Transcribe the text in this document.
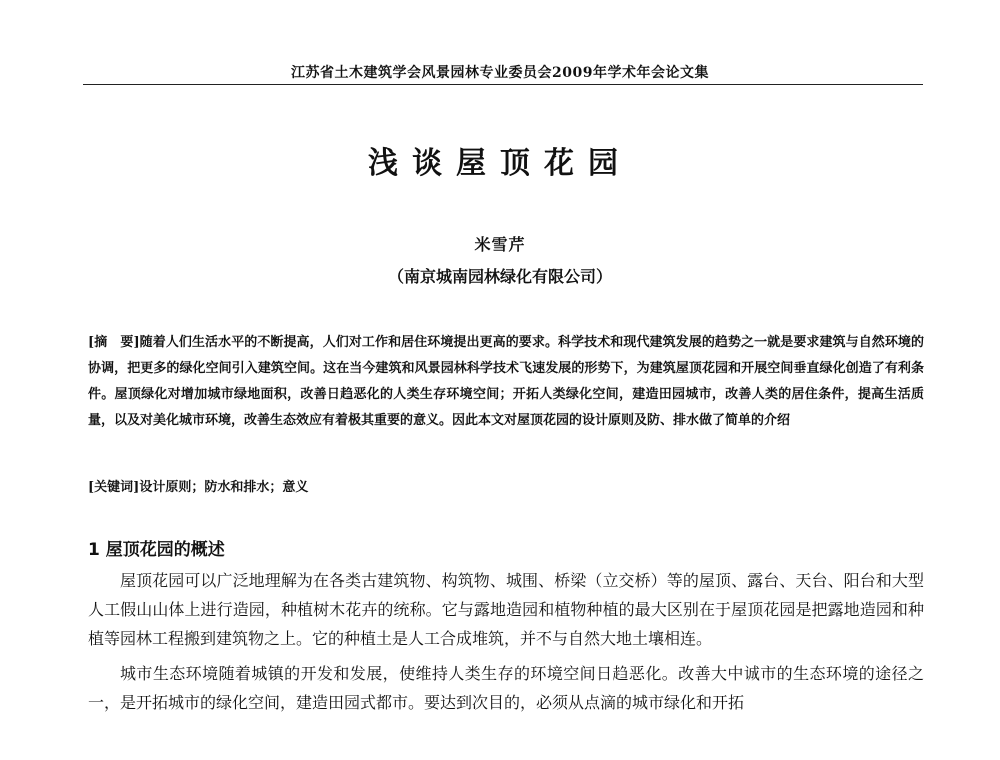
江苏省土木建筑学会风景园林专业委员会2009年学术年会论文集
浅谈屋顶花园
米雪芹
（南京城南园林绿化有限公司）

[摘　要]随着人们生活水平的不断提高，人们对工作和居住环境提出更高的要求。科学技术和现代建筑发展的趋势之一就是要求建筑与自然环境的协调，把更多的绿化空间引入建筑空间。这在当今建筑和风景园林科学技术飞速发展的形势下，为建筑屋顶花园和开展空间垂直绿化创造了有利条件。屋顶绿化对增加城市绿地面积，改善日趋恶化的人类生存环境空间；开拓人类绿化空间，建造田园城市，改善人类的居住条件，提高生活质量，以及对美化城市环境，改善生态效应有着极其重要的意义。因此本文对屋顶花园的设计原则及防、排水做了简单的介绍

[关键词]设计原则；防水和排水；意义
1 屋顶花园的概述

屋顶花园可以广泛地理解为在各类古建筑物、构筑物、城围、桥梁（立交桥）等的屋顶、露台、天台、阳台和大型人工假山山体上进行造园，种植树木花卉的统称。它与露地造园和植物种植的最大区别在于屋顶花园是把露地造园和种植等园林工程搬到建筑物之上。它的种植土是人工合成堆筑，并不与自然大地土壤相连。

城市生态环境随着城镇的开发和发展，使维持人类生存的环境空间日趋恶化。改善大中诚市的生态环境的途径之一，是开拓城市的绿化空间，建造田园式都市。要达到次目的，必须从点滴的城市绿化和开拓
